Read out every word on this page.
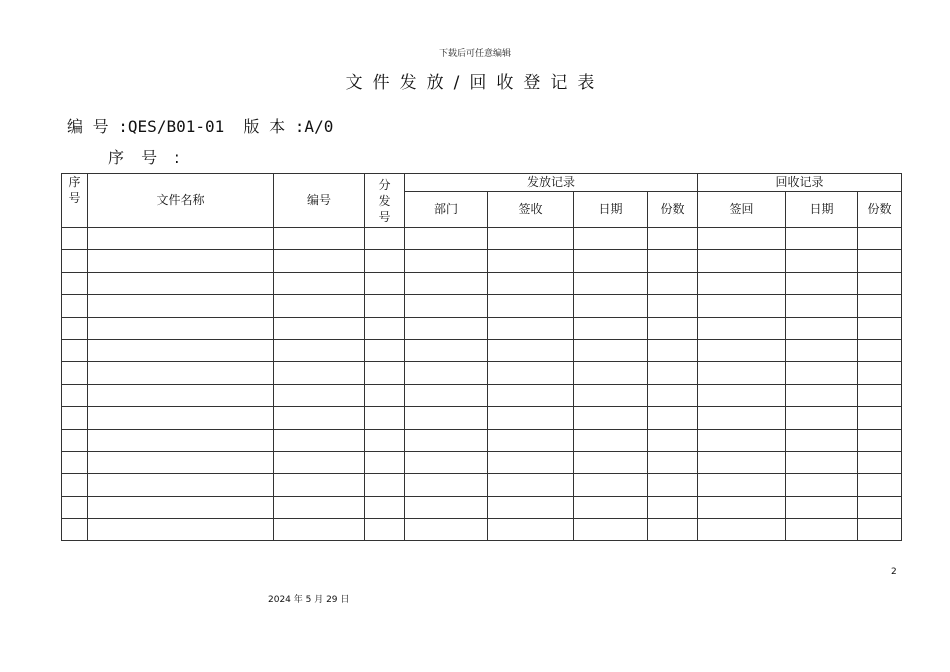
下载后可任意编辑
文件发放/回收登记表
编 号 :QES/B01-01 版 本 :A/0
序 号 :
序号	文件名称	编号	分发号	发放记录				回收记录		
				部门	签收	日期	份数	签回	日期	份数

2
2024 年 5 月 29 日
